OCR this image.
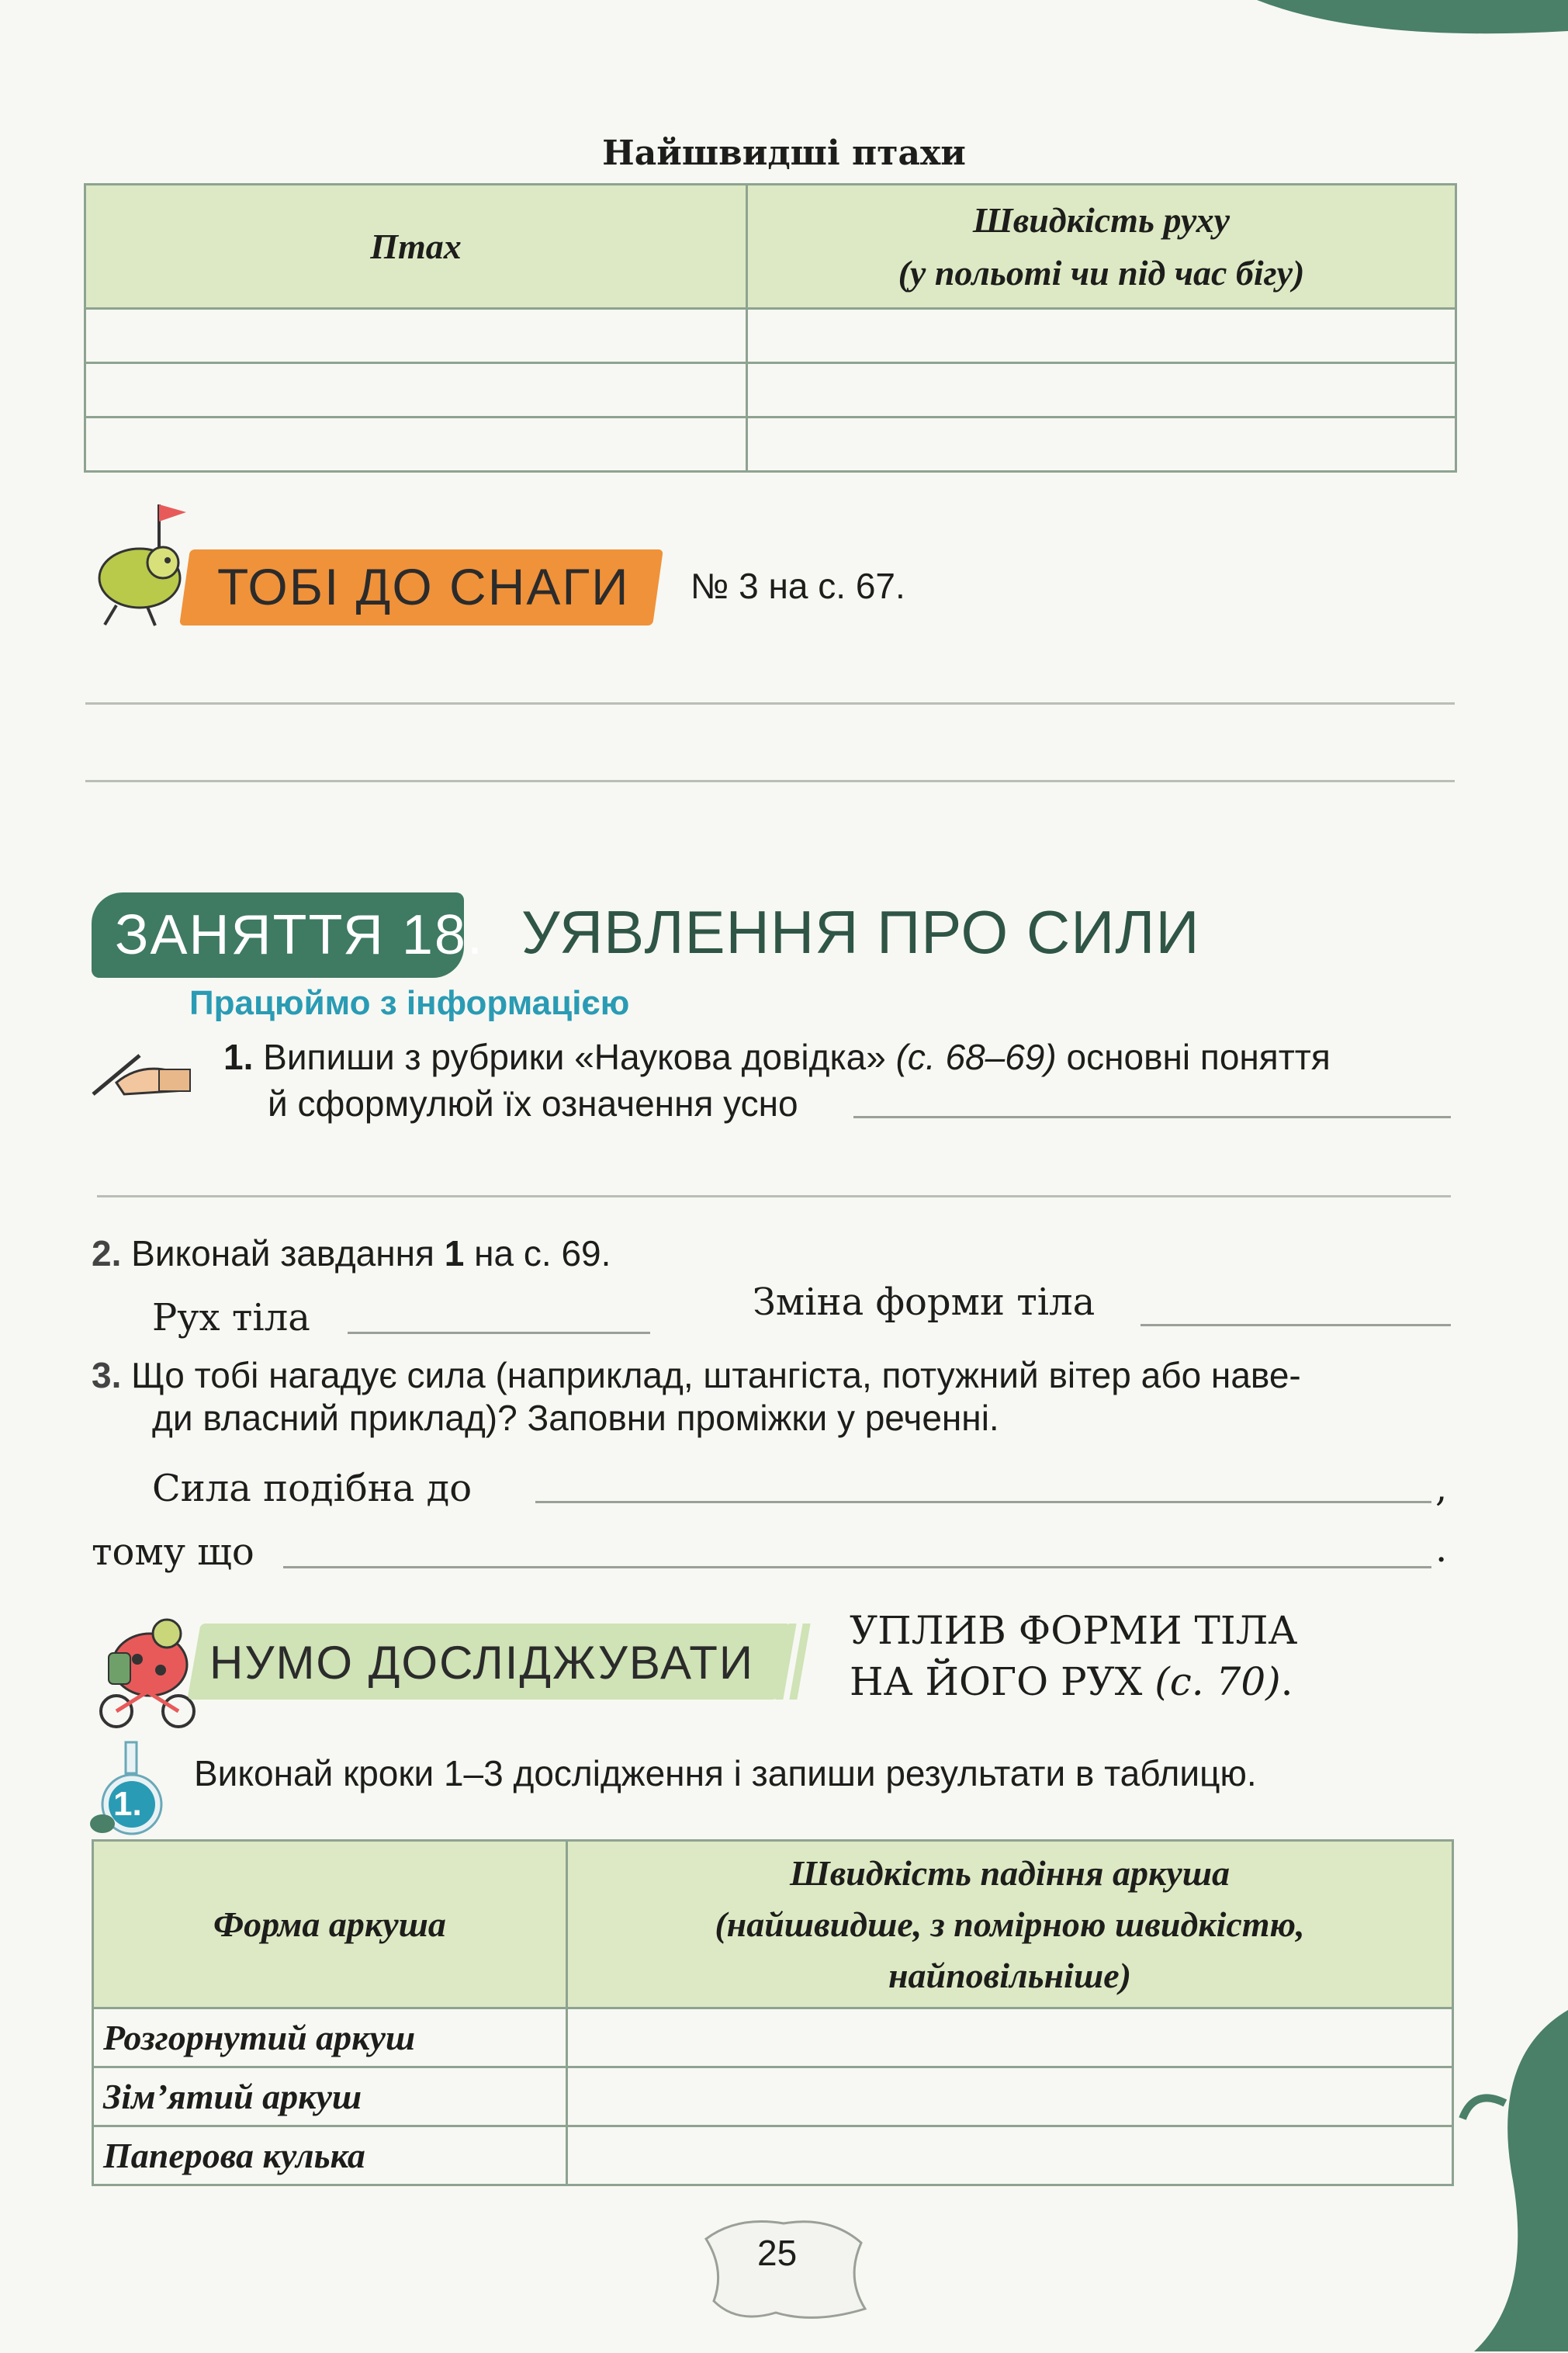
Найшвидші птахи
Птах	Швидкість руху
(у польоті чи під час бігу)

ТОБІ ДО СНАГИ № 3 на с. 67.
ЗАНЯТТЯ 18. УЯВЛЕННЯ ПРО СИЛИ
Працюймо з інформацією
1. Випиши з рубрики «Наукова довідка» (с. 68–69) основні поняття
й сформулюй їх означення усно
2. Виконай завдання 1 на с. 69.
Рух тіла	Зміна форми тіла
3. Що тобі нагадує сила (наприклад, штангіста, потужний вітер або наве-
ди власний приклад)? Заповни проміжки у реченні.
Сила подібна до	,
тому що	.
НУМО ДОСЛІДЖУВАТИ
УПЛИВ ФОРМИ ТІЛА
НА ЙОГО РУХ (с. 70).
1.
Виконай кроки 1–3 дослідження і запиши результати в таблицю.
Форма аркуша	Швидкість падіння аркуша
(найшвидше, з помірною швидкістю,
найповільніше)

Розгорнутий аркуш	
Зім’ятий аркуш	
Паперова кулька	
25
